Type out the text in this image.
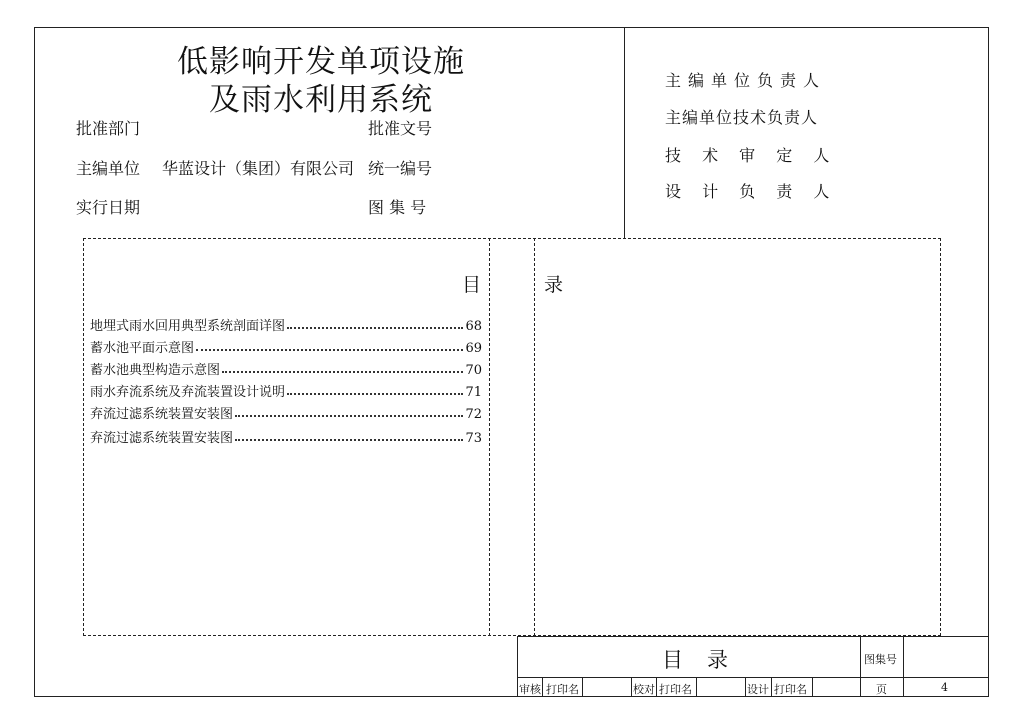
低影响开发单项设施
及雨水利用系统
批准部门	批准文号
主编单位 华蓝设计（集团）有限公司 统一编号
实行日期	图 集 号
主编单位负责人
主编单位技术负责人
技 术 审 定 人
设 计 负 责 人
目	录
地埋式雨水回用典型系统剖面详图	68
蓄水池平面示意图	69
蓄水池典型构造示意图	70
雨水弃流系统及弃流装置设计说明	71
弃流过滤系统装置安装图	72
弃流过滤系统装置安装图	73
目录	图集号
审核 打印名	校对 打印名	设计 打印名	页	4
